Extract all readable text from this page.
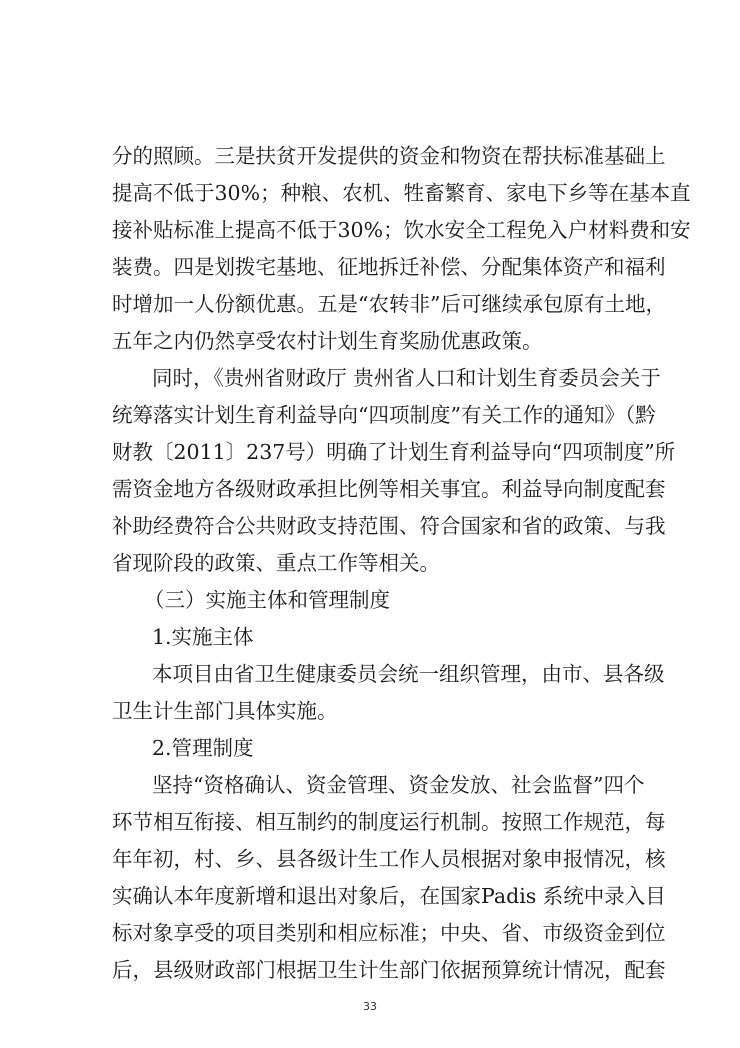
分的照顾。三是扶贫开发提供的资金和物资在帮扶标准基础上
提高不低于30%；种粮、农机、牲畜繁育、家电下乡等在基本直
接补贴标准上提高不低于30%；饮水安全工程免入户材料费和安
装费。四是划拨宅基地、征地拆迁补偿、分配集体资产和福利
时增加一人份额优惠。五是“农转非”后可继续承包原有土地，
五年之内仍然享受农村计划生育奖励优惠政策。
同时，《贵州省财政厅 贵州省人口和计划生育委员会关于
统筹落实计划生育利益导向“四项制度”有关工作的通知》（黔
财教〔2011〕237号）明确了计划生育利益导向“四项制度”所
需资金地方各级财政承担比例等相关事宜。利益导向制度配套
补助经费符合公共财政支持范围、符合国家和省的政策、与我
省现阶段的政策、重点工作等相关。
（三）实施主体和管理制度
1.实施主体
本项目由省卫生健康委员会统一组织管理，由市、县各级
卫生计生部门具体实施。
2.管理制度
坚持“资格确认、资金管理、资金发放、社会监督”四个
环节相互衔接、相互制约的制度运行机制。按照工作规范，每
年年初，村、乡、县各级计生工作人员根据对象申报情况，核
实确认本年度新增和退出对象后，在国家Padis 系统中录入目
标对象享受的项目类别和相应标准；中央、省、市级资金到位
后，县级财政部门根据卫生计生部门依据预算统计情况，配套
33
